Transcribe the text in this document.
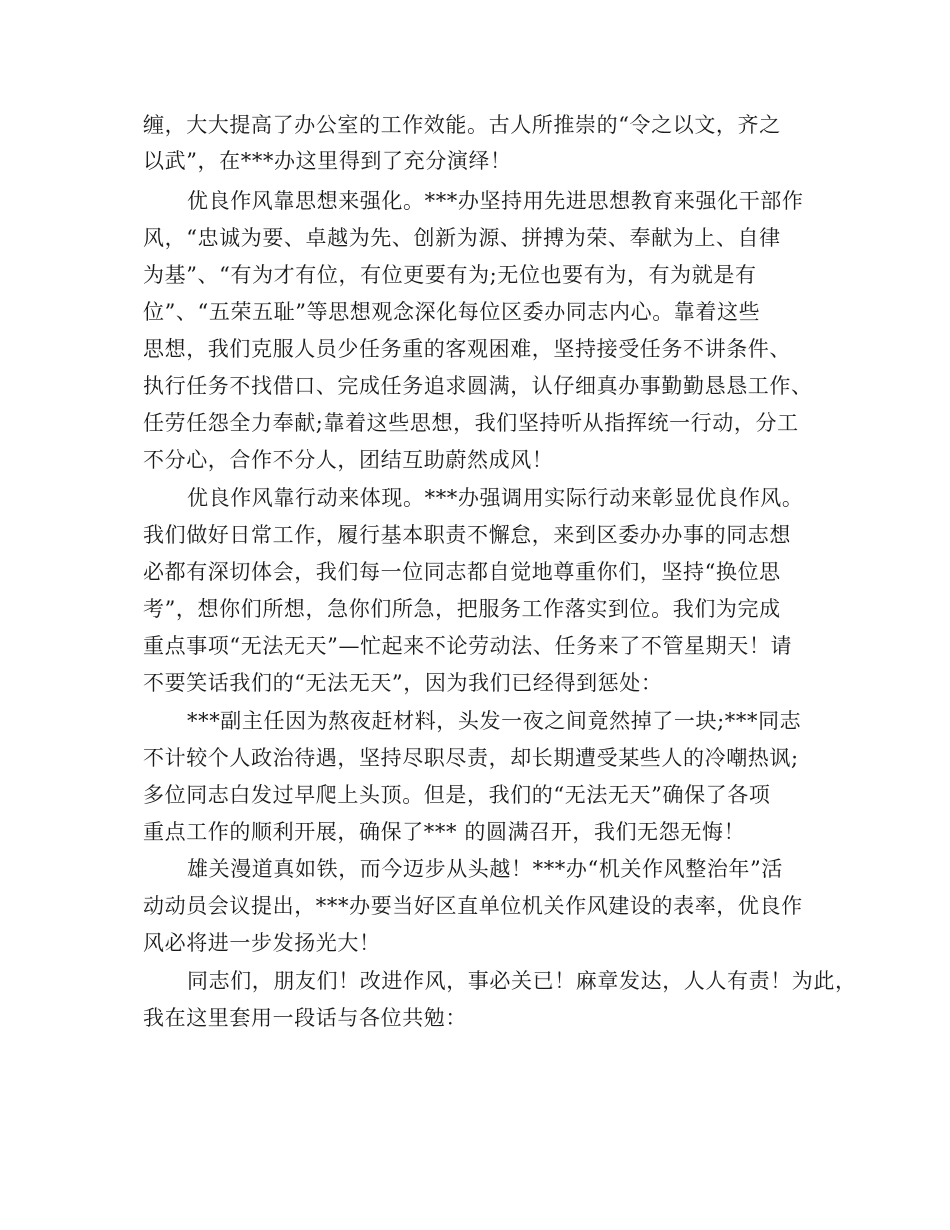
缠，大大提高了办公室的工作效能。古人所推崇的“令之以文，齐之
以武”，在***办这里得到了充分演绎！
优良作风靠思想来强化。***办坚持用先进思想教育来强化干部作
风，“忠诚为要、卓越为先、创新为源、拼搏为荣、奉献为上、自律
为基”、“有为才有位，有位更要有为;无位也要有为，有为就是有
位”、“五荣五耻”等思想观念深化每位区委办同志内心。靠着这些
思想，我们克服人员少任务重的客观困难，坚持接受任务不讲条件、
执行任务不找借口、完成任务追求圆满，认仔细真办事勤勤恳恳工作、
任劳任怨全力奉献;靠着这些思想，我们坚持听从指挥统一行动，分工
不分心，合作不分人，团结互助蔚然成风！
优良作风靠行动来体现。***办强调用实际行动来彰显优良作风。
我们做好日常工作，履行基本职责不懈怠，来到区委办办事的同志想
必都有深切体会，我们每一位同志都自觉地尊重你们，坚持“换位思
考”，想你们所想，急你们所急，把服务工作落实到位。我们为完成
重点事项“无法无天”—忙起来不论劳动法、任务来了不管星期天！请
不要笑话我们的“无法无天”，因为我们已经得到惩处：
***副主任因为熬夜赶材料，头发一夜之间竟然掉了一块;***同志
不计较个人政治待遇，坚持尽职尽责，却长期遭受某些人的冷嘲热讽;
多位同志白发过早爬上头顶。但是，我们的“无法无天”确保了各项
重点工作的顺利开展，确保了*** 的圆满召开，我们无怨无悔！
雄关漫道真如铁，而今迈步从头越！***办“机关作风整治年”活
动动员会议提出，***办要当好区直单位机关作风建设的表率，优良作
风必将进一步发扬光大！
同志们，朋友们！改进作风，事必关已！麻章发达，人人有责！为此，
我在这里套用一段话与各位共勉：
